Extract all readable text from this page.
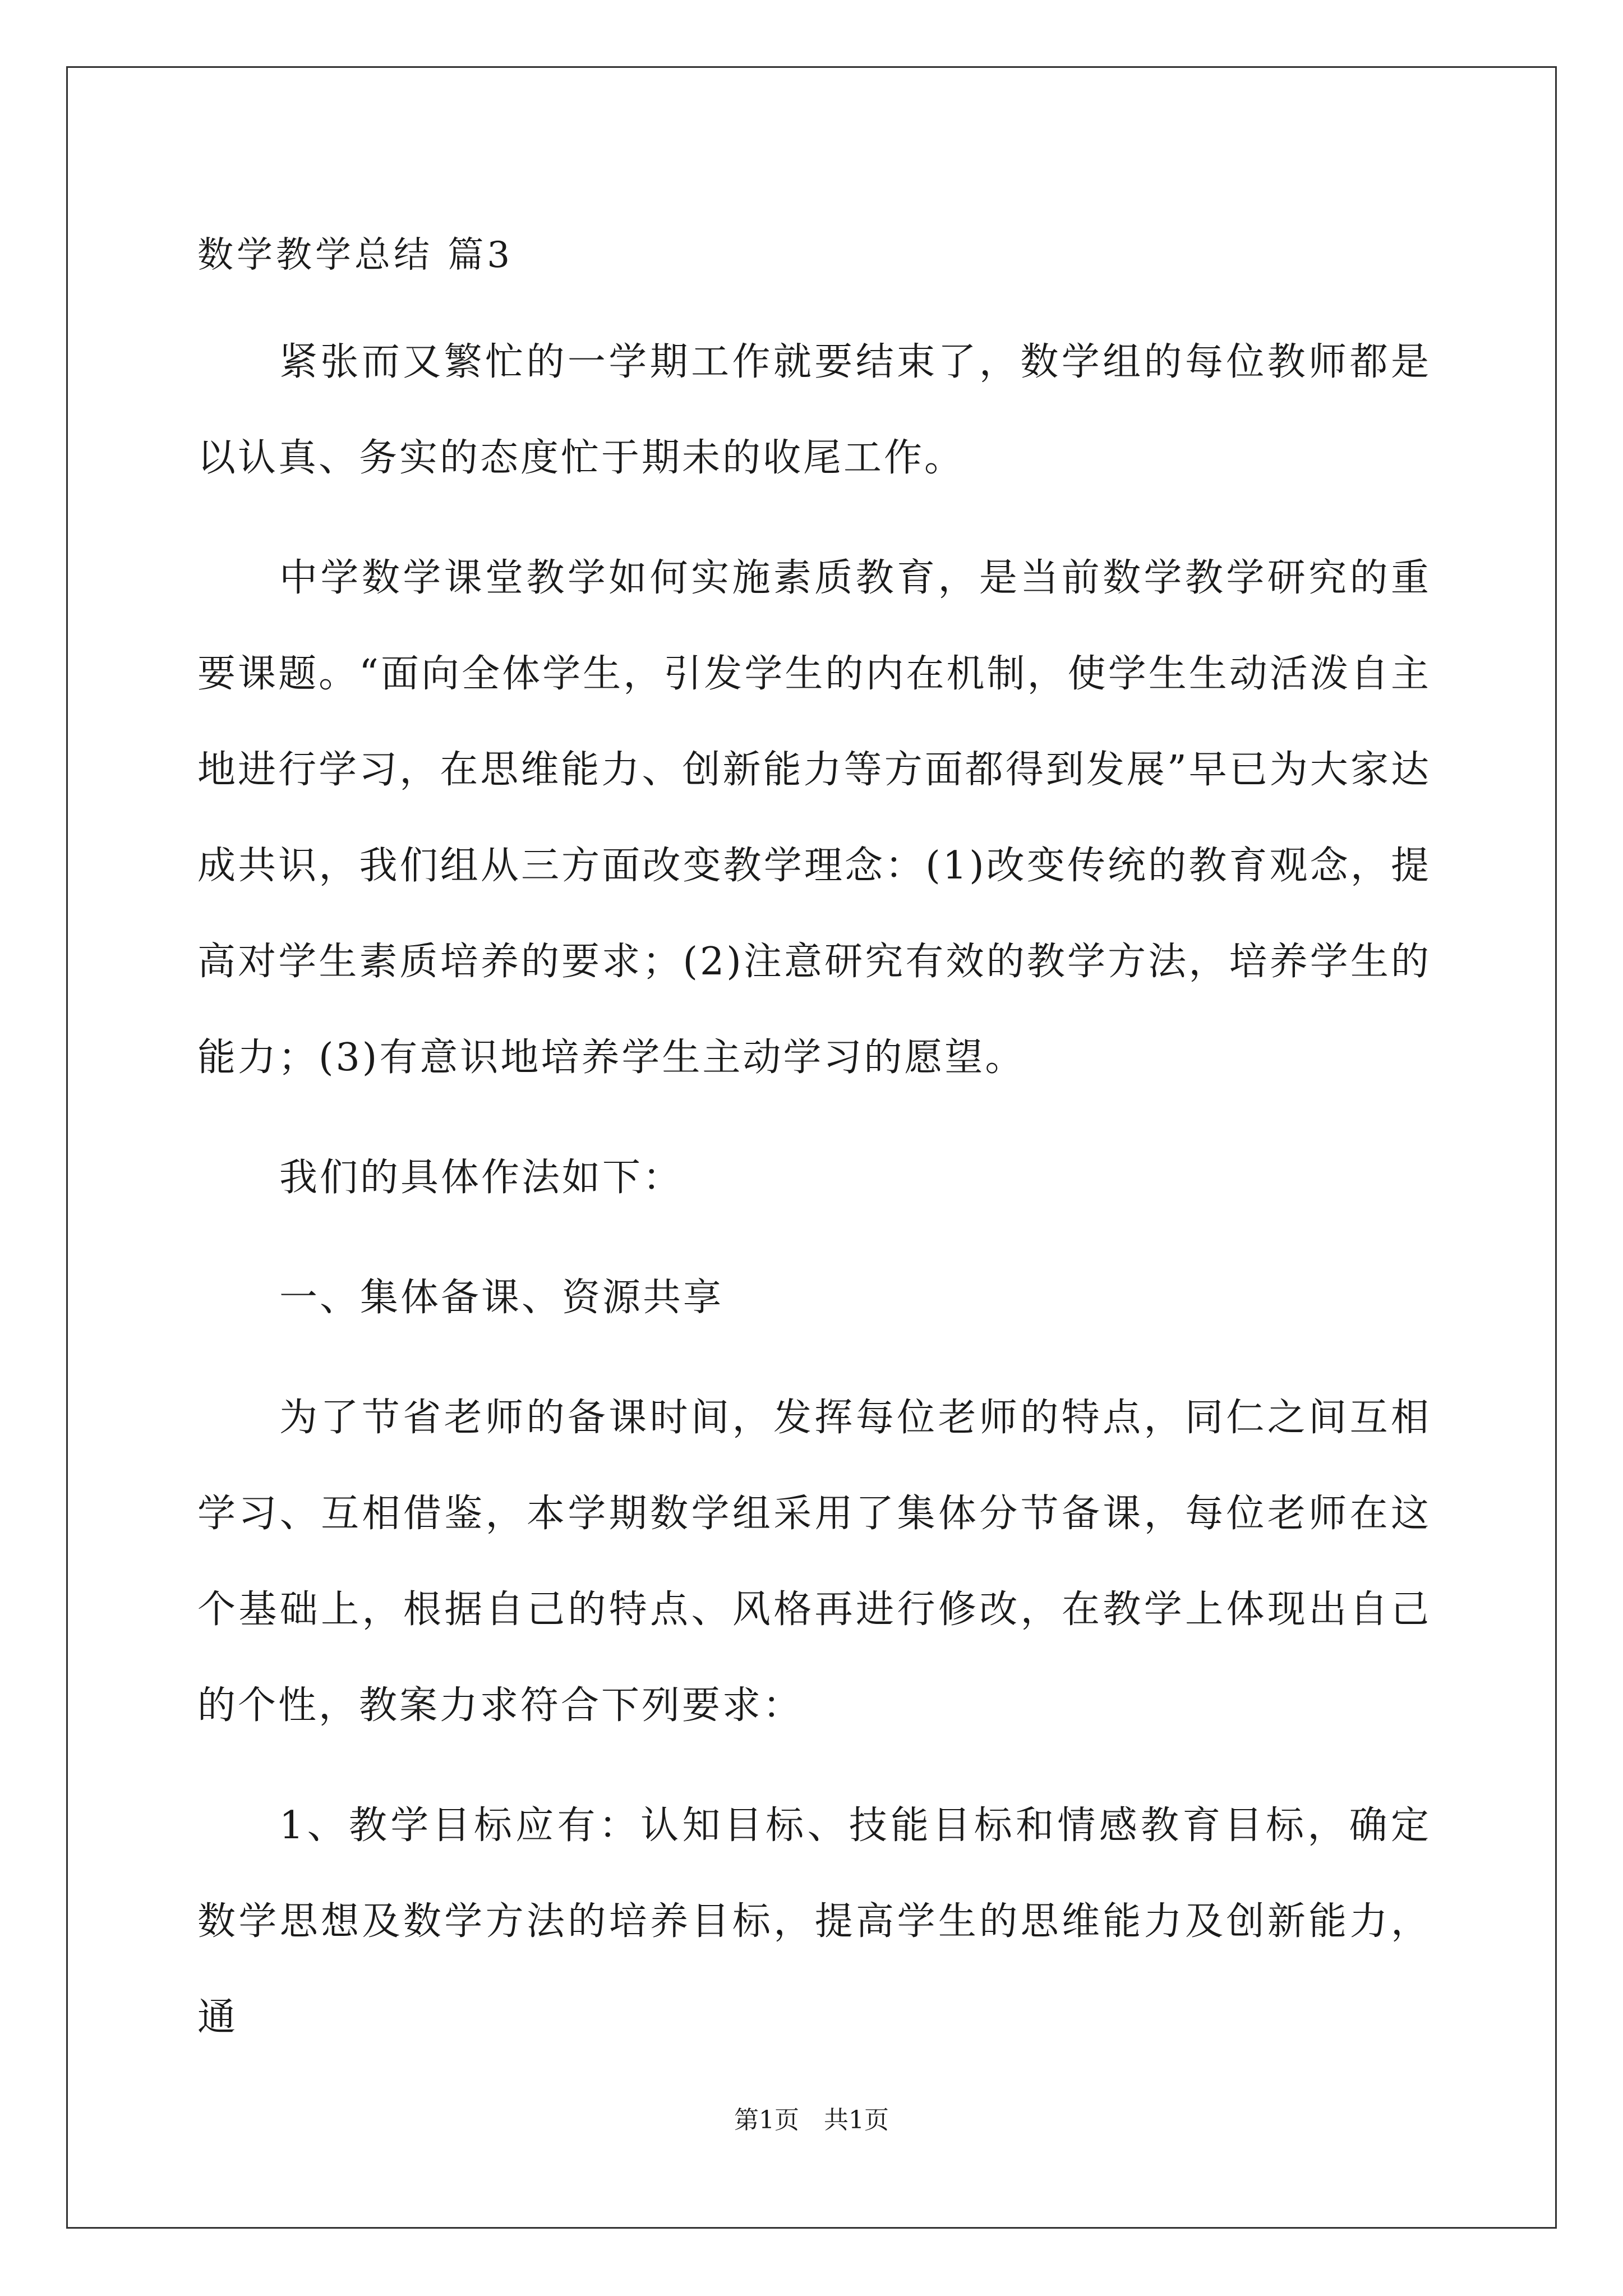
数学教学总结 篇3

紧张而又繁忙的一学期工作就要结束了，数学组的每位教师都是以认真、务实的态度忙于期未的收尾工作。

中学数学课堂教学如何实施素质教育，是当前数学教学研究的重要课题。“面向全体学生，引发学生的内在机制，使学生生动活泼自主地进行学习，在思维能力、创新能力等方面都得到发展”早已为大家达成共识，我们组从三方面改变教学理念：(1)改变传统的教育观念，提高对学生素质培养的要求；(2)注意研究有效的教学方法，培养学生的能力；(3)有意识地培养学生主动学习的愿望。

我们的具体作法如下：

一、集体备课、资源共享

为了节省老师的备课时间，发挥每位老师的特点，同仁之间互相学习、互相借鉴，本学期数学组采用了集体分节备课，每位老师在这个基础上，根据自己的特点、风格再进行修改，在教学上体现出自己的个性，教案力求符合下列要求：

1、教学目标应有：认知目标、技能目标和情感教育目标，确定数学思想及数学方法的培养目标，提高学生的思维能力及创新能力，通

第1页　共1页
